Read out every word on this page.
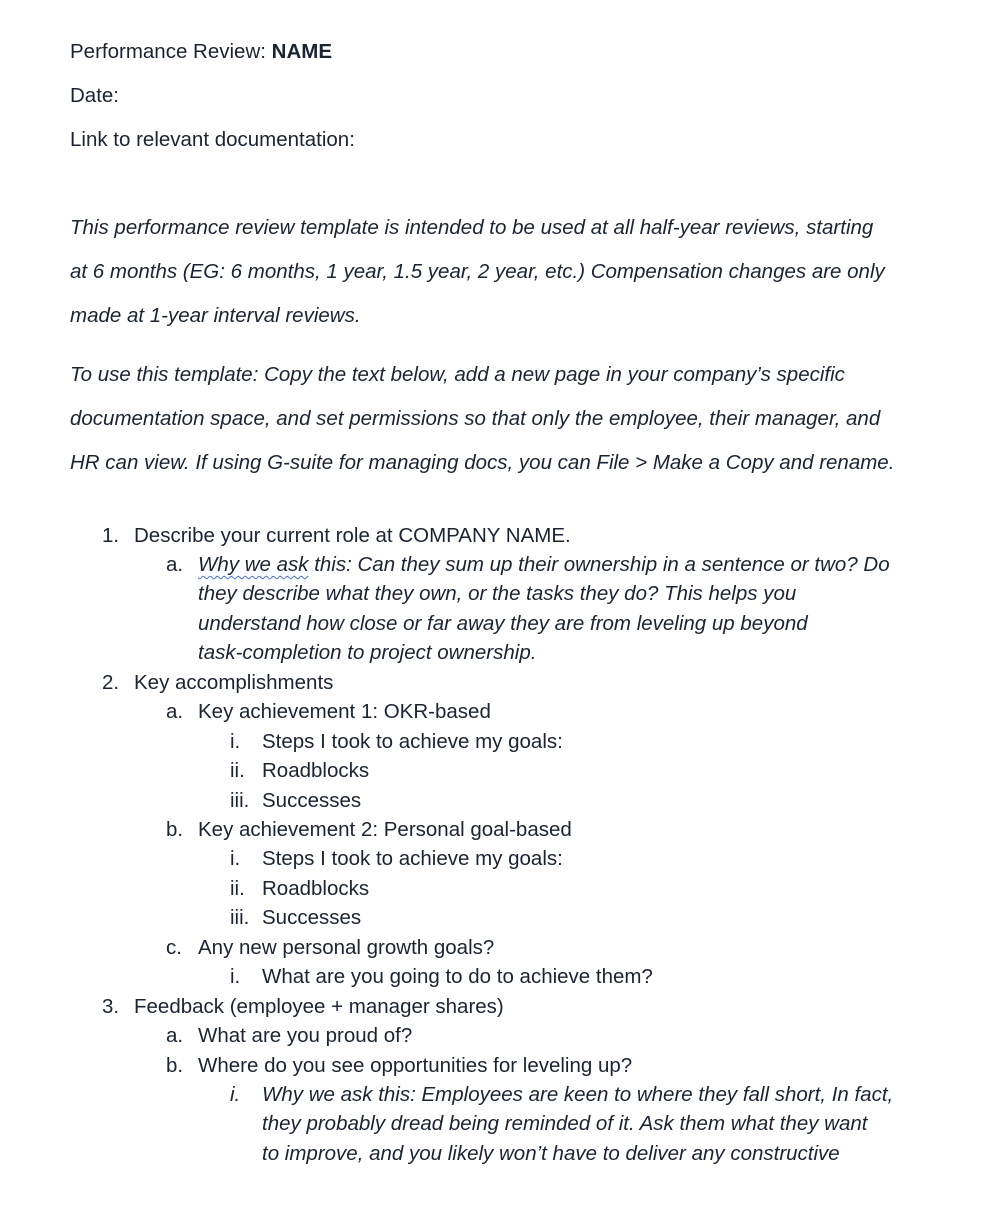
Performance Review: NAME
Date:
Link to relevant documentation:
This performance review template is intended to be used at all half-year reviews, starting
at 6 months (EG: 6 months, 1 year, 1.5 year, 2 year, etc.) Compensation changes are only
made at 1-year interval reviews.
To use this template: Copy the text below, add a new page in your company’s specific
documentation space, and set permissions so that only the employee, their manager, and
HR can view. If using G-suite for managing docs, you can File > Make a Copy and rename.
1. Describe your current role at COMPANY NAME.
a. Why we ask this: Can they sum up their ownership in a sentence or two? Do
they describe what they own, or the tasks they do? This helps you
understand how close or far away they are from leveling up beyond
task-completion to project ownership.
2. Key accomplishments
a. Key achievement 1: OKR-based
i. Steps I took to achieve my goals:
ii. Roadblocks
iii. Successes
b. Key achievement 2: Personal goal-based
i. Steps I took to achieve my goals:
ii. Roadblocks
iii. Successes
c. Any new personal growth goals?
i. What are you going to do to achieve them?
3. Feedback (employee + manager shares)
a. What are you proud of?
b. Where do you see opportunities for leveling up?
i. Why we ask this: Employees are keen to where they fall short, In fact,
they probably dread being reminded of it. Ask them what they want
to improve, and you likely won’t have to deliver any constructive
